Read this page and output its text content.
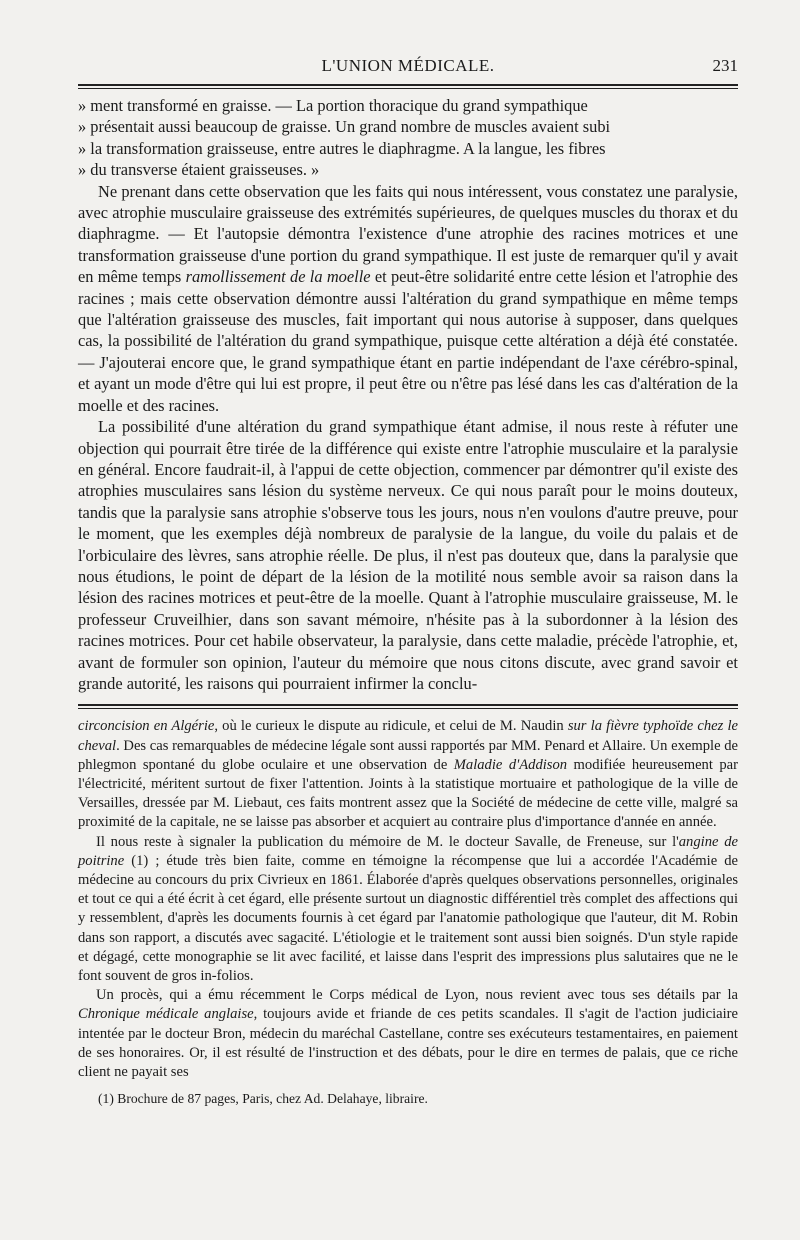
L'UNION MÉDICALE.	231

» ment transformé en graisse. — La portion thoracique du grand sympathique
» présentait aussi beaucoup de graisse. Un grand nombre de muscles avaient subi
» la transformation graisseuse, entre autres le diaphragme. A la langue, les fibres
» du transverse étaient graisseuses. »

Ne prenant dans cette observation que les faits qui nous intéressent, vous constatez une paralysie, avec atrophie musculaire graisseuse des extrémités supérieures, de quelques muscles du thorax et du diaphragme. — Et l'autopsie démontra l'existence d'une atrophie des racines motrices et une transformation graisseuse d'une portion du grand sympathique. Il est juste de remarquer qu'il y avait en même temps ramollissement de la moelle et peut-être solidarité entre cette lésion et l'atrophie des racines ; mais cette observation démontre aussi l'altération du grand sympathique en même temps que l'altération graisseuse des muscles, fait important qui nous autorise à supposer, dans quelques cas, la possibilité de l'altération du grand sympathique, puisque cette altération a déjà été constatée. — J'ajouterai encore que, le grand sympathique étant en partie indépendant de l'axe cérébro-spinal, et ayant un mode d'être qui lui est propre, il peut être ou n'être pas lésé dans les cas d'altération de la moelle et des racines.

La possibilité d'une altération du grand sympathique étant admise, il nous reste à réfuter une objection qui pourrait être tirée de la différence qui existe entre l'atrophie musculaire et la paralysie en général. Encore faudrait-il, à l'appui de cette objection, commencer par démontrer qu'il existe des atrophies musculaires sans lésion du système nerveux. Ce qui nous paraît pour le moins douteux, tandis que la paralysie sans atrophie s'observe tous les jours, nous n'en voulons d'autre preuve, pour le moment, que les exemples déjà nombreux de paralysie de la langue, du voile du palais et de l'orbiculaire des lèvres, sans atrophie réelle. De plus, il n'est pas douteux que, dans la paralysie que nous étudions, le point de départ de la lésion de la motilité nous semble avoir sa raison dans la lésion des racines motrices et peut-être de la moelle. Quant à l'atrophie musculaire graisseuse, M. le professeur Cruveilhier, dans son savant mémoire, n'hésite pas à la subordonner à la lésion des racines motrices. Pour cet habile observateur, la paralysie, dans cette maladie, précède l'atrophie, et, avant de formuler son opinion, l'auteur du mémoire que nous citons discute, avec grand savoir et grande autorité, les raisons qui pourraient infirmer la conclu-

circoncision en Algérie, où le curieux le dispute au ridicule, et celui de M. Naudin sur la fièvre typhoïde chez le cheval. Des cas remarquables de médecine légale sont aussi rapportés par MM. Penard et Allaire. Un exemple de phlegmon spontané du globe oculaire et une observation de Maladie d'Addison modifiée heureusement par l'électricité, méritent surtout de fixer l'attention. Joints à la statistique mortuaire et pathologique de la ville de Versailles, dressée par M. Liebaut, ces faits montrent assez que la Société de médecine de cette ville, malgré sa proximité de la capitale, ne se laisse pas absorber et acquiert au contraire plus d'importance d'année en année.

Il nous reste à signaler la publication du mémoire de M. le docteur Savalle, de Freneuse, sur l'angine de poitrine (1) ; étude très bien faite, comme en témoigne la récompense que lui a accordée l'Académie de médecine au concours du prix Civrieux en 1861. Élaborée d'après quelques observations personnelles, originales et tout ce qui a été écrit à cet égard, elle présente surtout un diagnostic différentiel très complet des affections qui y ressemblent, d'après les documents fournis à cet égard par l'anatomie pathologique que l'auteur, dit M. Robin dans son rapport, a discutés avec sagacité. L'étiologie et le traitement sont aussi bien soignés. D'un style rapide et dégagé, cette monographie se lit avec facilité, et laisse dans l'esprit des impressions plus salutaires que ne le font souvent de gros in-folios.

Un procès, qui a ému récemment le Corps médical de Lyon, nous revient avec tous ses détails par la Chronique médicale anglaise, toujours avide et friande de ces petits scandales. Il s'agit de l'action judiciaire intentée par le docteur Bron, médecin du maréchal Castellane, contre ses exécuteurs testamentaires, en paiement de ses honoraires. Or, il est résulté de l'instruction et des débats, pour le dire en termes de palais, que ce riche client ne payait ses

(1) Brochure de 87 pages, Paris, chez Ad. Delahaye, libraire.
